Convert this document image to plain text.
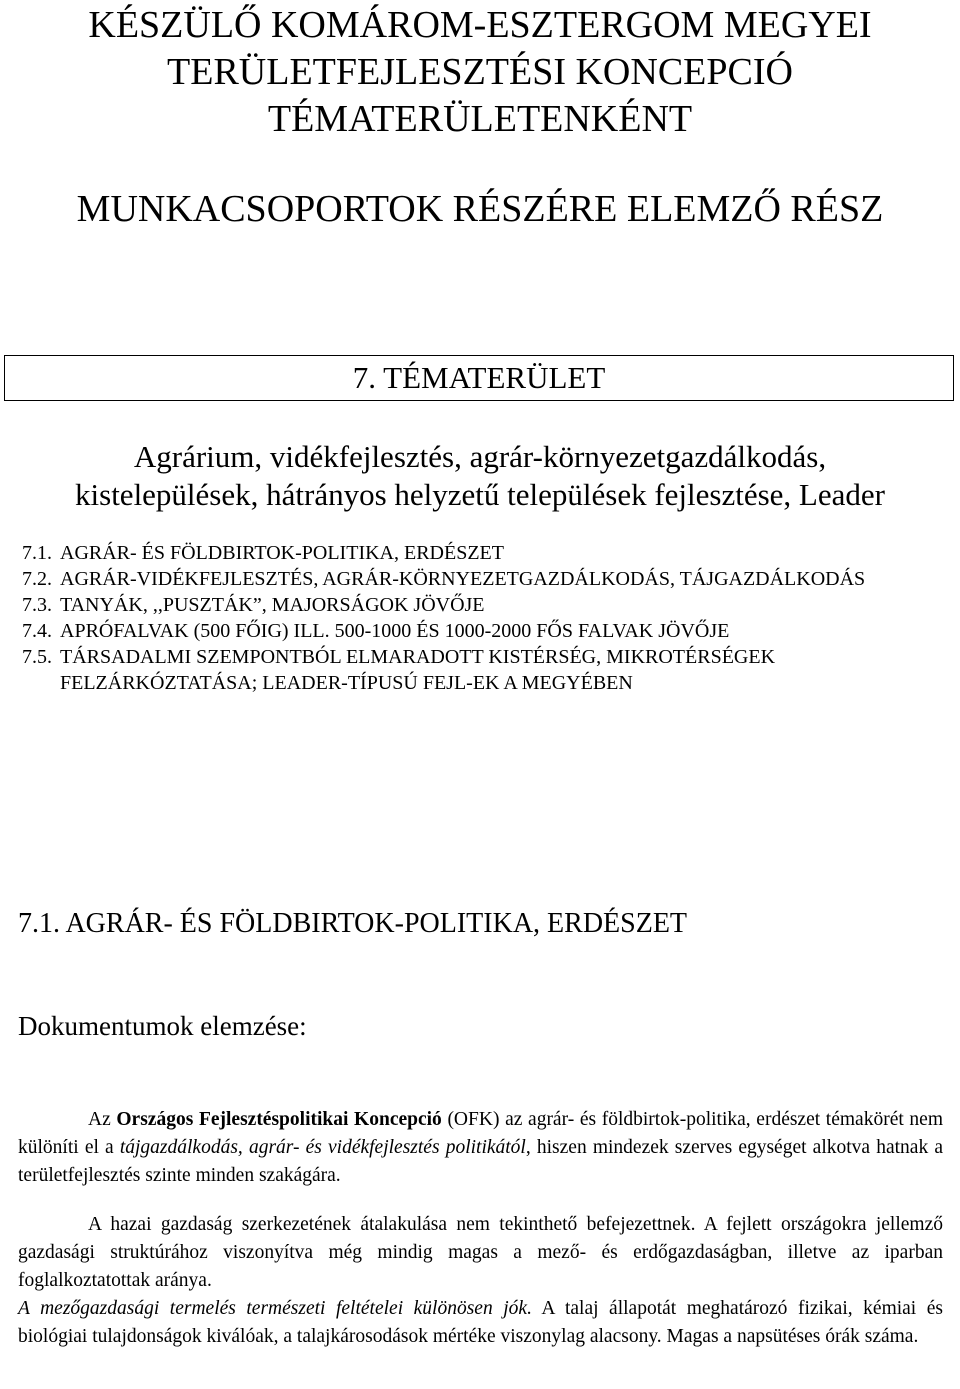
KÉSZÜLŐ KOMÁROM-ESZTERGOM MEGYEI
TERÜLETFEJLESZTÉSI KONCEPCIÓ
TÉMATERÜLETENKÉNT
MUNKACSOPORTOK RÉSZÉRE ELEMZŐ RÉSZ
7. TÉMATERÜLET
Agrárium, vidékfejlesztés, agrár-környezetgazdálkodás, kistelepülések, hátrányos helyzetű települések fejlesztése, Leader
7.1. AGRÁR- ÉS FÖLDBIRTOK-POLITIKA, ERDÉSZET
7.2. AGRÁR-VIDÉKFEJLESZTÉS, AGRÁR-KÖRNYEZETGAZDÁLKODÁS, TÁJGAZDÁLKODÁS
7.3. TANYÁK, ,,PUSZTÁK”, MAJORSÁGOK JÖVŐJE
7.4. APRÓFALVAK (500 FŐIG) ILL. 500-1000 ÉS 1000-2000 FŐS FALVAK JÖVŐJE
7.5. TÁRSADALMI SZEMPONTBÓL ELMARADOTT KISTÉRSÉG, MIKROTÉRSÉGEK FELZÁRKÓZTATÁSA; LEADER-TÍPUSÚ FEJL-EK A MEGYÉBEN
7.1. AGRÁR- ÉS FÖLDBIRTOK-POLITIKA, ERDÉSZET
Dokumentumok elemzése:

Az Országos Fejlesztéspolitikai Koncepció (OFK) az agrár- és földbirtok-politika, erdészet témakörét nem különíti el a tájgazdálkodás, agrár- és vidékfejlesztés politikától, hiszen mindezek szerves egységet alkotva hatnak a területfejlesztés szinte minden szakágára.

A hazai gazdaság szerkezetének átalakulása nem tekinthető befejezettnek. A fejlett országokra jellemző gazdasági struktúrához viszonyítva még mindig magas a mező- és erdőgazdaságban, illetve az iparban foglalkoztatottak aránya.

A mezőgazdasági termelés természeti feltételei különösen jók. A talaj állapotát meghatározó fizikai, kémiai és biológiai tulajdonságok kiválóak, a talajkárosodások mértéke viszonylag alacsony. Magas a napsütéses órák száma.
